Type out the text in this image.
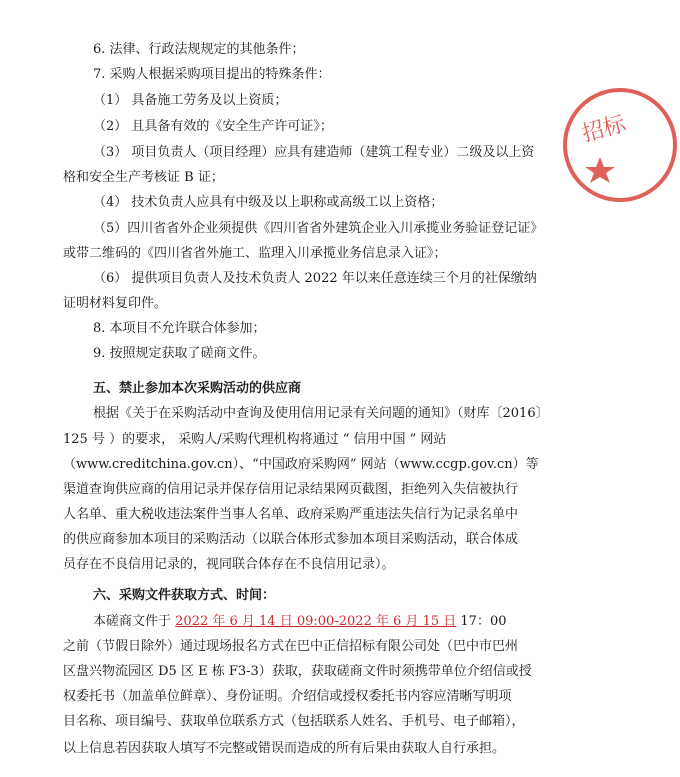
6. 法律、行政法规规定的其他条件；
7. 采购人根据采购项目提出的特殊条件：
（1） 具备施工劳务及以上资质；
（2） 且具备有效的《安全生产许可证》；
（3） 项目负责人（项目经理）应具有建造师（建筑工程专业）二级及以上资
格和安全生产考核证 B 证；
（4） 技术负责人应具有中级及以上职称或高级工以上资格；
（5）四川省省外企业须提供《四川省省外建筑企业入川承揽业务验证登记证》
或带二维码的《四川省省外施工、监理入川承揽业务信息录入证》；
（6） 提供项目负责人及技术负责人 2022 年以来任意连续三个月的社保缴纳
证明材料复印件。
8. 本项目不允许联合体参加；
9. 按照规定获取了磋商文件。
五、禁止参加本次采购活动的供应商
根据《关于在采购活动中查询及使用信用记录有关问题的通知》（财库〔2016〕
125 号 ）的要求， 采购人/采购代理机构将通过 “ 信用中国 ” 网站
（www.creditchina.gov.cn）、“中国政府采购网” 网站（www.ccgp.gov.cn）等
渠道查询供应商的信用记录并保存信用记录结果网页截图，拒绝列入失信被执行
人名单、重大税收违法案件当事人名单、政府采购严重违法失信行为记录名单中
的供应商参加本项目的采购活动（以联合体形式参加本项目采购活动，联合体成
员存在不良信用记录的，视同联合体存在不良信用记录）。
六、采购文件获取方式、时间：
本磋商文件于 2022 年 6 月 14 日 09:00-2022 年 6 月 15 日 17：00
之前（节假日除外）通过现场报名方式在巴中正信招标有限公司处（巴中市巴州
区盘兴物流园区 D5 区 E 栋 F3-3）获取，获取磋商文件时须携带单位介绍信或授
权委托书（加盖单位鲜章）、身份证明。介绍信或授权委托书内容应清晰写明项
目名称、项目编号、获取单位联系方式（包括联系人姓名、手机号、电子邮箱），
以上信息若因获取人填写不完整或错误而造成的所有后果由获取人自行承担。
招标
